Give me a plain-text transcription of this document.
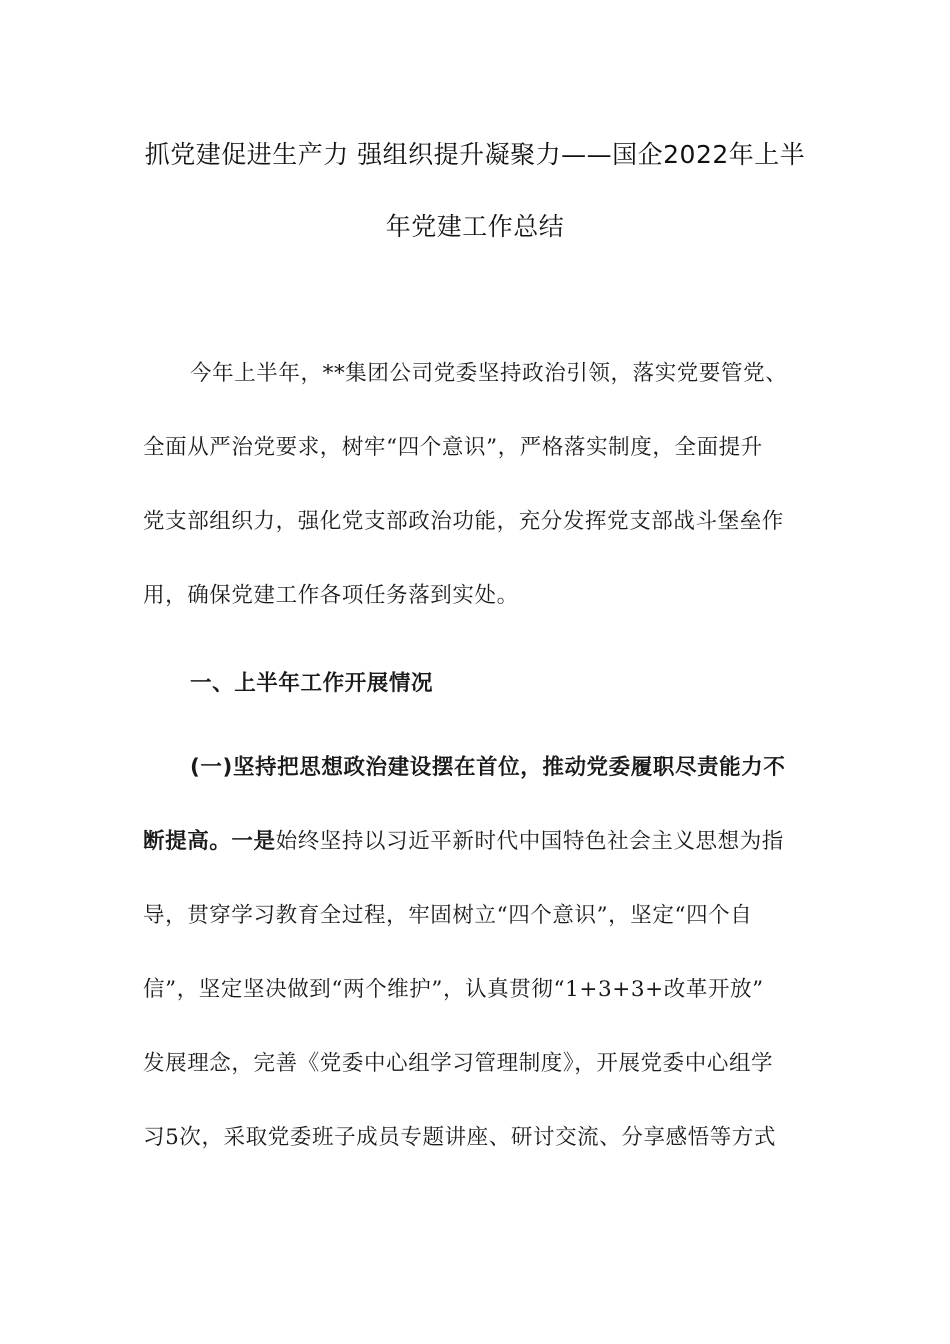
抓党建促进生产力 强组织提升凝聚力——国企2022年上半
年党建工作总结
今年上半年，**集团公司党委坚持政治引领，落实党要管党、
全面从严治党要求，树牢“四个意识”，严格落实制度，全面提升
党支部组织力，强化党支部政治功能，充分发挥党支部战斗堡垒作
用，确保党建工作各项任务落到实处。
一、上半年工作开展情况
(一)坚持把思想政治建设摆在首位，推动党委履职尽责能力不
断提高。一是始终坚持以习近平新时代中国特色社会主义思想为指
导，贯穿学习教育全过程，牢固树立“四个意识”，坚定“四个自
信”，坚定坚决做到“两个维护”，认真贯彻“1+3+3+改革开放”
发展理念，完善《党委中心组学习管理制度》，开展党委中心组学
习5次，采取党委班子成员专题讲座、研讨交流、分享感悟等方式
